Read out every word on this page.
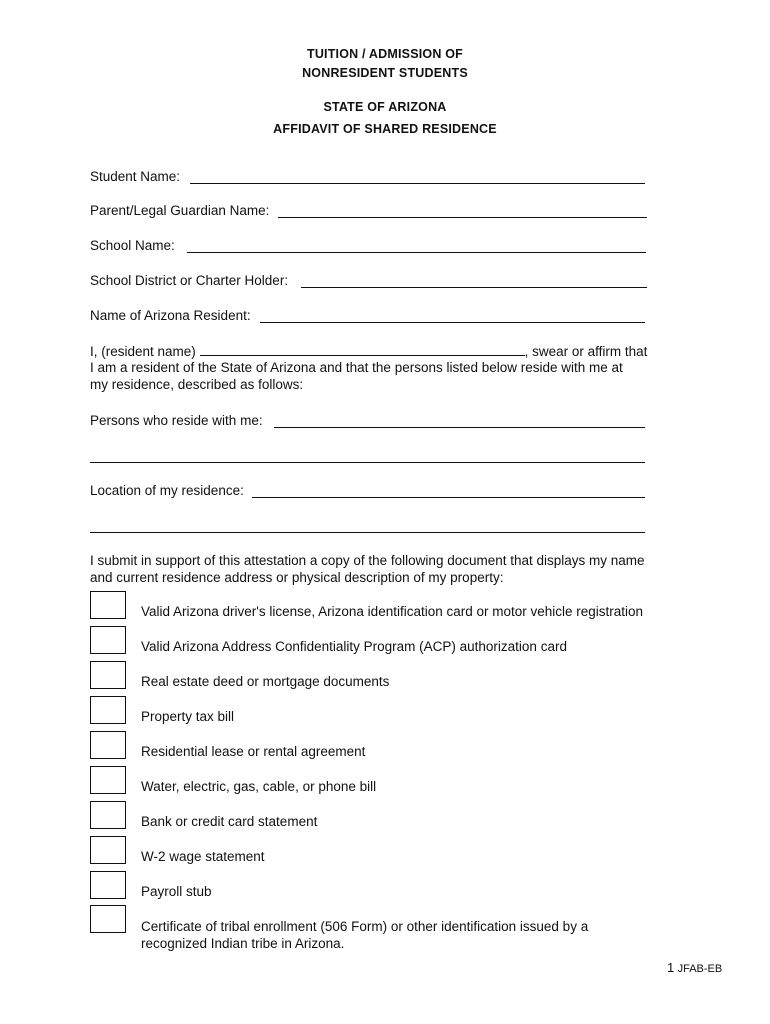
TUITION / ADMISSION OF
NONRESIDENT STUDENTS
STATE OF ARIZONA
AFFIDAVIT OF SHARED RESIDENCE
Student Name:
Parent/Legal Guardian Name:
School Name:
School District or Charter Holder:
Name of Arizona Resident:
I, (resident name)	, swear or affirm that
I am a resident of the State of Arizona and that the persons listed below reside with me at
my residence, described as follows:
Persons who reside with me:
Location of my residence:
I submit in support of this attestation a copy of the following document that displays my name
and current residence address or physical description of my property:
Valid Arizona driver's license, Arizona identification card or motor vehicle registration
Valid Arizona Address Confidentiality Program (ACP) authorization card
Real estate deed or mortgage documents
Property tax bill
Residential lease or rental agreement
Water, electric, gas, cable, or phone bill
Bank or credit card statement
W-2 wage statement
Payroll stub
Certificate of tribal enrollment (506 Form) or other identification issued by a recognized Indian tribe in Arizona.
1 JFAB-EB
